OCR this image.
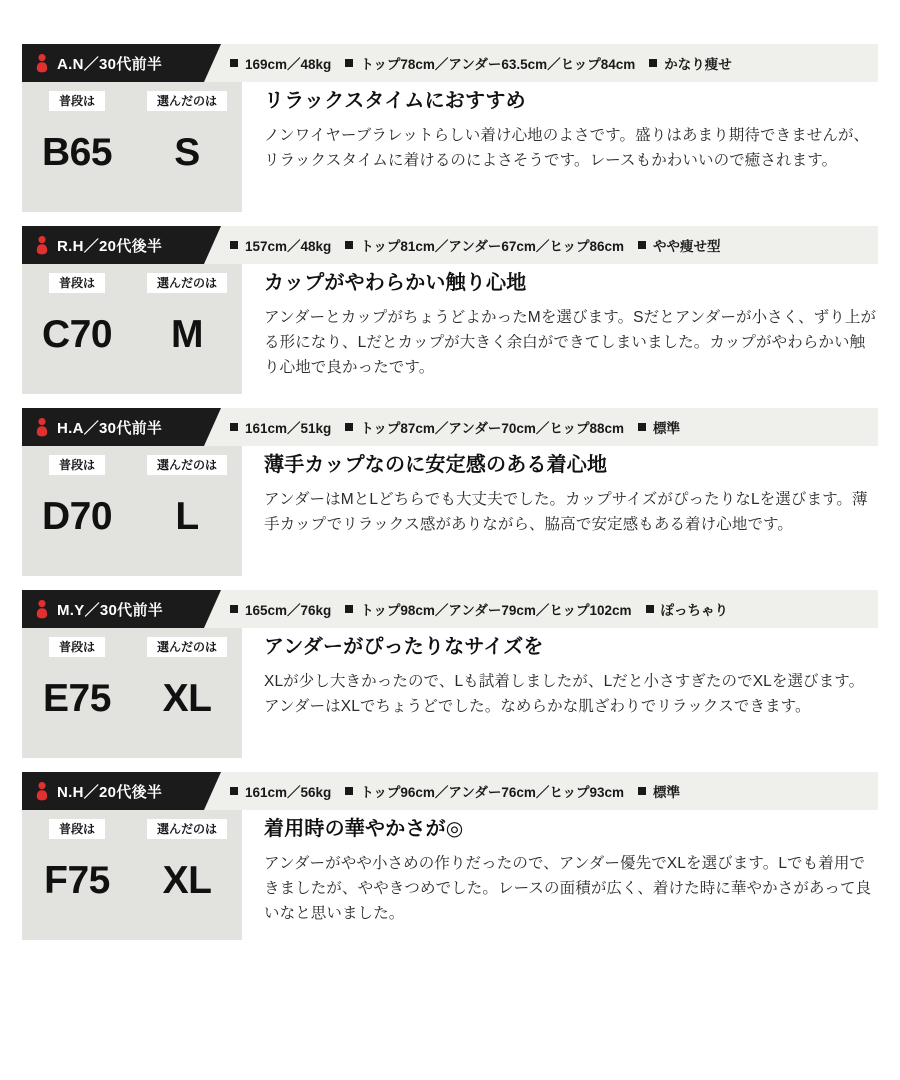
A.N／30代前半	169cm／48kg トップ78cm／アンダー63.5cm／ヒップ84cm かなり痩せ
普段は
B65
選んだのは
S
リラックスタイムにおすすめ

ノンワイヤーブラレットらしい着け心地のよさです。盛りはあまり期待できませんが、リラックスタイムに着けるのによさそうです。レースもかわいいので癒されます。

R.H／20代後半	157cm／48kg トップ81cm／アンダー67cm／ヒップ86cm やや痩せ型
普段は
C70
選んだのは
M
カップがやわらかい触り心地

アンダーとカップがちょうどよかったMを選びます。Sだとアンダーが小さく、ずり上がる形になり、Lだとカップが大きく余白ができてしまいました。カップがやわらかい触り心地で良かったです。

H.A／30代前半	161cm／51kg トップ87cm／アンダー70cm／ヒップ88cm 標準
普段は
D70
選んだのは
L
薄手カップなのに安定感のある着心地

アンダーはMとLどちらでも大丈夫でした。カップサイズがぴったりなLを選びます。薄手カップでリラックス感がありながら、脇高で安定感もある着け心地です。

M.Y／30代前半	165cm／76kg トップ98cm／アンダー79cm／ヒップ102cm ぽっちゃり
普段は
E75
選んだのは
XL
アンダーがぴったりなサイズを

XLが少し大きかったので、Lも試着しましたが、Lだと小さすぎたのでXLを選びます。アンダーはXLでちょうどでした。なめらかな肌ざわりでリラックスできます。

N.H／20代後半	161cm／56kg トップ96cm／アンダー76cm／ヒップ93cm 標準
普段は
F75
選んだのは
XL
着用時の華やかさが◎

アンダーがやや小さめの作りだったので、アンダー優先でXLを選びます。Lでも着用できましたが、ややきつめでした。レースの面積が広く、着けた時に華やかさがあって良いなと思いました。
